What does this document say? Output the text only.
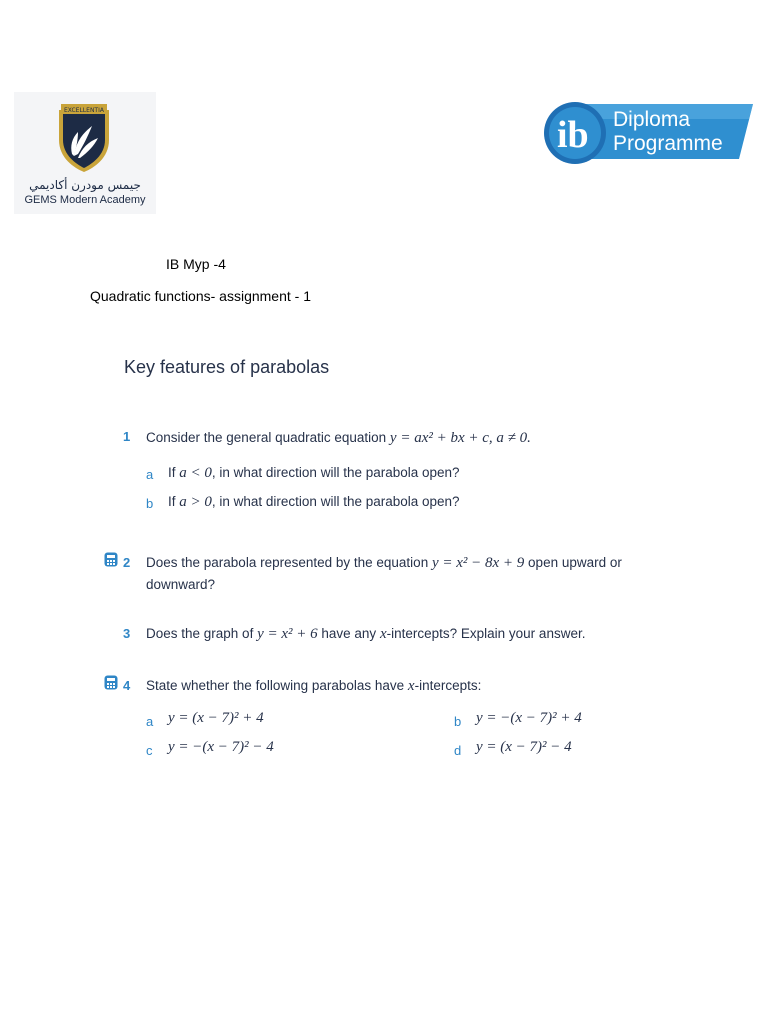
EXCELLENTIA
جيمس مودرن أكاديمي
GEMS Modern Academy
ib Diploma
Programme
IB Myp -4
Quadratic functions- assignment - 1
Key features of parabolas
1 Consider the general quadratic equation y = ax² + bx + c, a ≠ 0.
a If a < 0, in what direction will the parabola open?
b If a > 0, in what direction will the parabola open?
2 Does the parabola represented by the equation y = x² − 8x + 9 open upward or
downward?
3 Does the graph of y = x² + 6 have any x-intercepts? Explain your answer.
4 State whether the following parabolas have x-intercepts:
a y = (x − 7)² + 4	b y = −(x − 7)² + 4
c y = −(x − 7)² − 4	d y = (x − 7)² − 4
